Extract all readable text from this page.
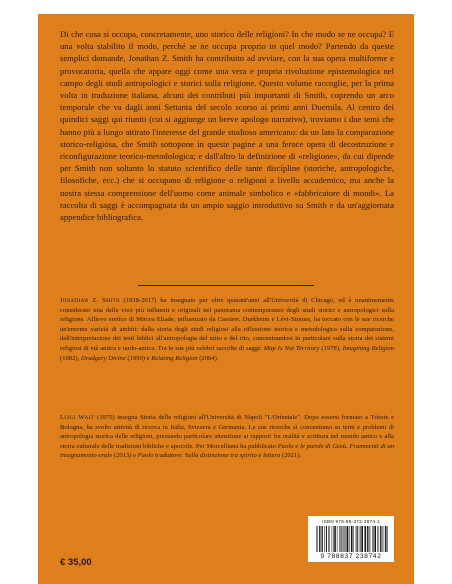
Di che cosa si occupa, concretamente, uno storico delle religioni? In che modo se ne occupa? E una volta stabilito il modo, perché se ne occupa proprio in quel modo? Partendo da queste semplici domande, Jonathan Z. Smith ha contribuito ad avviare, con la sua opera multiforme e provocatoria, quella che appare oggi come una vera e propria rivoluzione epistemologica nel campo degli studi antropologici e storici sulla religione. Questo volume raccoglie, per la prima volta in traduzione italiana, alcuni dei contributi più importanti di Smith, coprendo un arco temporale che va dagli anni Settanta del secolo scorso ai primi anni Duemila. Al centro dei quindici saggi qui riuniti (cui si aggiunge un breve apologo narrativo), troviamo i due temi che hanno più a lungo attirato l'interesse del grande studioso americano: da un lato la comparazione storico-religiosa, che Smith sottopone in queste pagine a una feroce opera di decostruzione e riconfigurazione teorico-metodologica; e dall'altro la definizione di «religione», da cui dipende per Smith non soltanto lo statuto scientifico delle tante discipline (storiche, antropologiche, filosofiche, ecc.) che si occupano di religione o religioni a livello accademico, ma anche la nostra stessa comprensione dell'uomo come animale simbolico e «fabbricatore di mondi». La raccolta di saggi è accompagnata da un ampio saggio introduttivo su Smith e da un'aggiornata appendice bibliografica.

Jonathan Z. Smith (1938-2017) ha insegnato per oltre quarant'anni all'Università di Chicago, ed è unanimemente considerato una delle voci più influenti e originali nel panorama contemporaneo degli studi storici e antropologici sulla religione. Allievo eretico di Mircea Eliade, influenzato da Cassirer, Durkheim e Lévi-Strauss, ha toccato con le sue ricerche un'enorme varietà di ambiti: dalla storia degli studi religiosi alla riflessione teorica e metodologica sulla comparazione, dall'interpretazione dei testi biblici all'antropologia del mito e del rito, concentrandosi in particolare sulla storia dei sistemi religiosi di età antica e tardo-antica. Tra le sue più celebri raccolte di saggi: Map Is Not Territory (1978), Imagining Religion (1982), Drudgery Divine (1990) e Relating Religion (2004).

Luigi Walt (1975) insegna Storia delle religioni all'Università di Napoli "L'Orientale". Dopo essersi formato a Trieste e Bologna, ha svolto attività di ricerca in Italia, Svizzera e Germania. Le sue ricerche si concentrano su temi e problemi di antropologia storica delle religioni, prestando particolare attenzione ai rapporti fra oralità e scrittura nel mondo antico e alla storia culturale delle tradizioni bibliche e apocrife. Per Morcelliana ha pubblicato Paolo e le parole di Gesù. Frammenti di un insegnamento orale (2013) e Paolo traduttore. Sulla distinzione tra spirito e lettera (2021).

ISBN 978-88-372-3874-2
9 788837 238742
€ 35,00
